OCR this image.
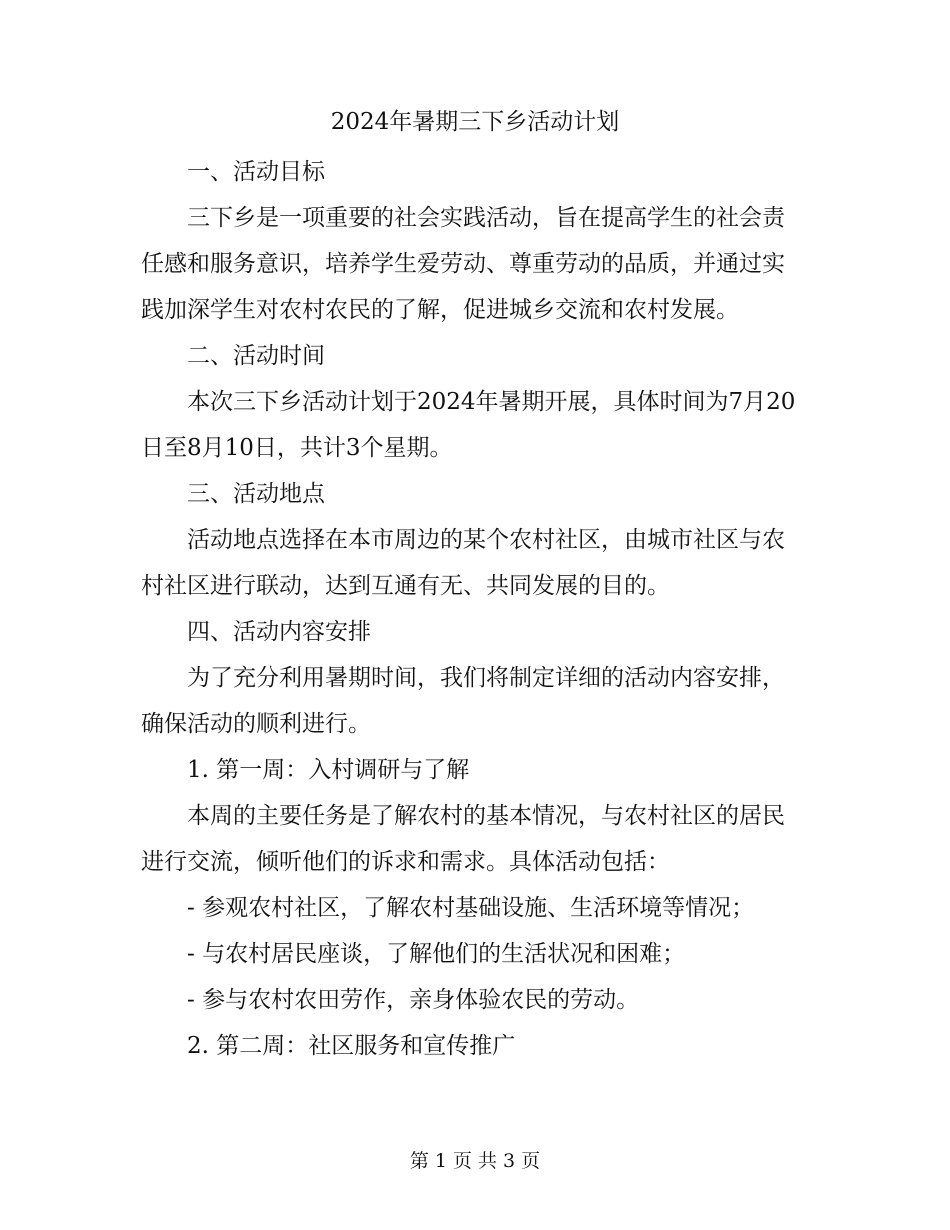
2024年暑期三下乡活动计划
一、活动目标
三下乡是一项重要的社会实践活动，旨在提高学生的社会责
任感和服务意识，培养学生爱劳动、尊重劳动的品质，并通过实
践加深学生对农村农民的了解，促进城乡交流和农村发展。
二、活动时间
本次三下乡活动计划于2024年暑期开展，具体时间为7月20
日至8月10日，共计3个星期。
三、活动地点
活动地点选择在本市周边的某个农村社区，由城市社区与农
村社区进行联动，达到互通有无、共同发展的目的。
四、活动内容安排
为了充分利用暑期时间，我们将制定详细的活动内容安排，
确保活动的顺利进行。
1. 第一周：入村调研与了解
本周的主要任务是了解农村的基本情况，与农村社区的居民
进行交流，倾听他们的诉求和需求。具体活动包括：
- 参观农村社区，了解农村基础设施、生活环境等情况；
- 与农村居民座谈，了解他们的生活状况和困难；
- 参与农村农田劳作，亲身体验农民的劳动。
2. 第二周：社区服务和宣传推广
第 1 页 共 3 页
